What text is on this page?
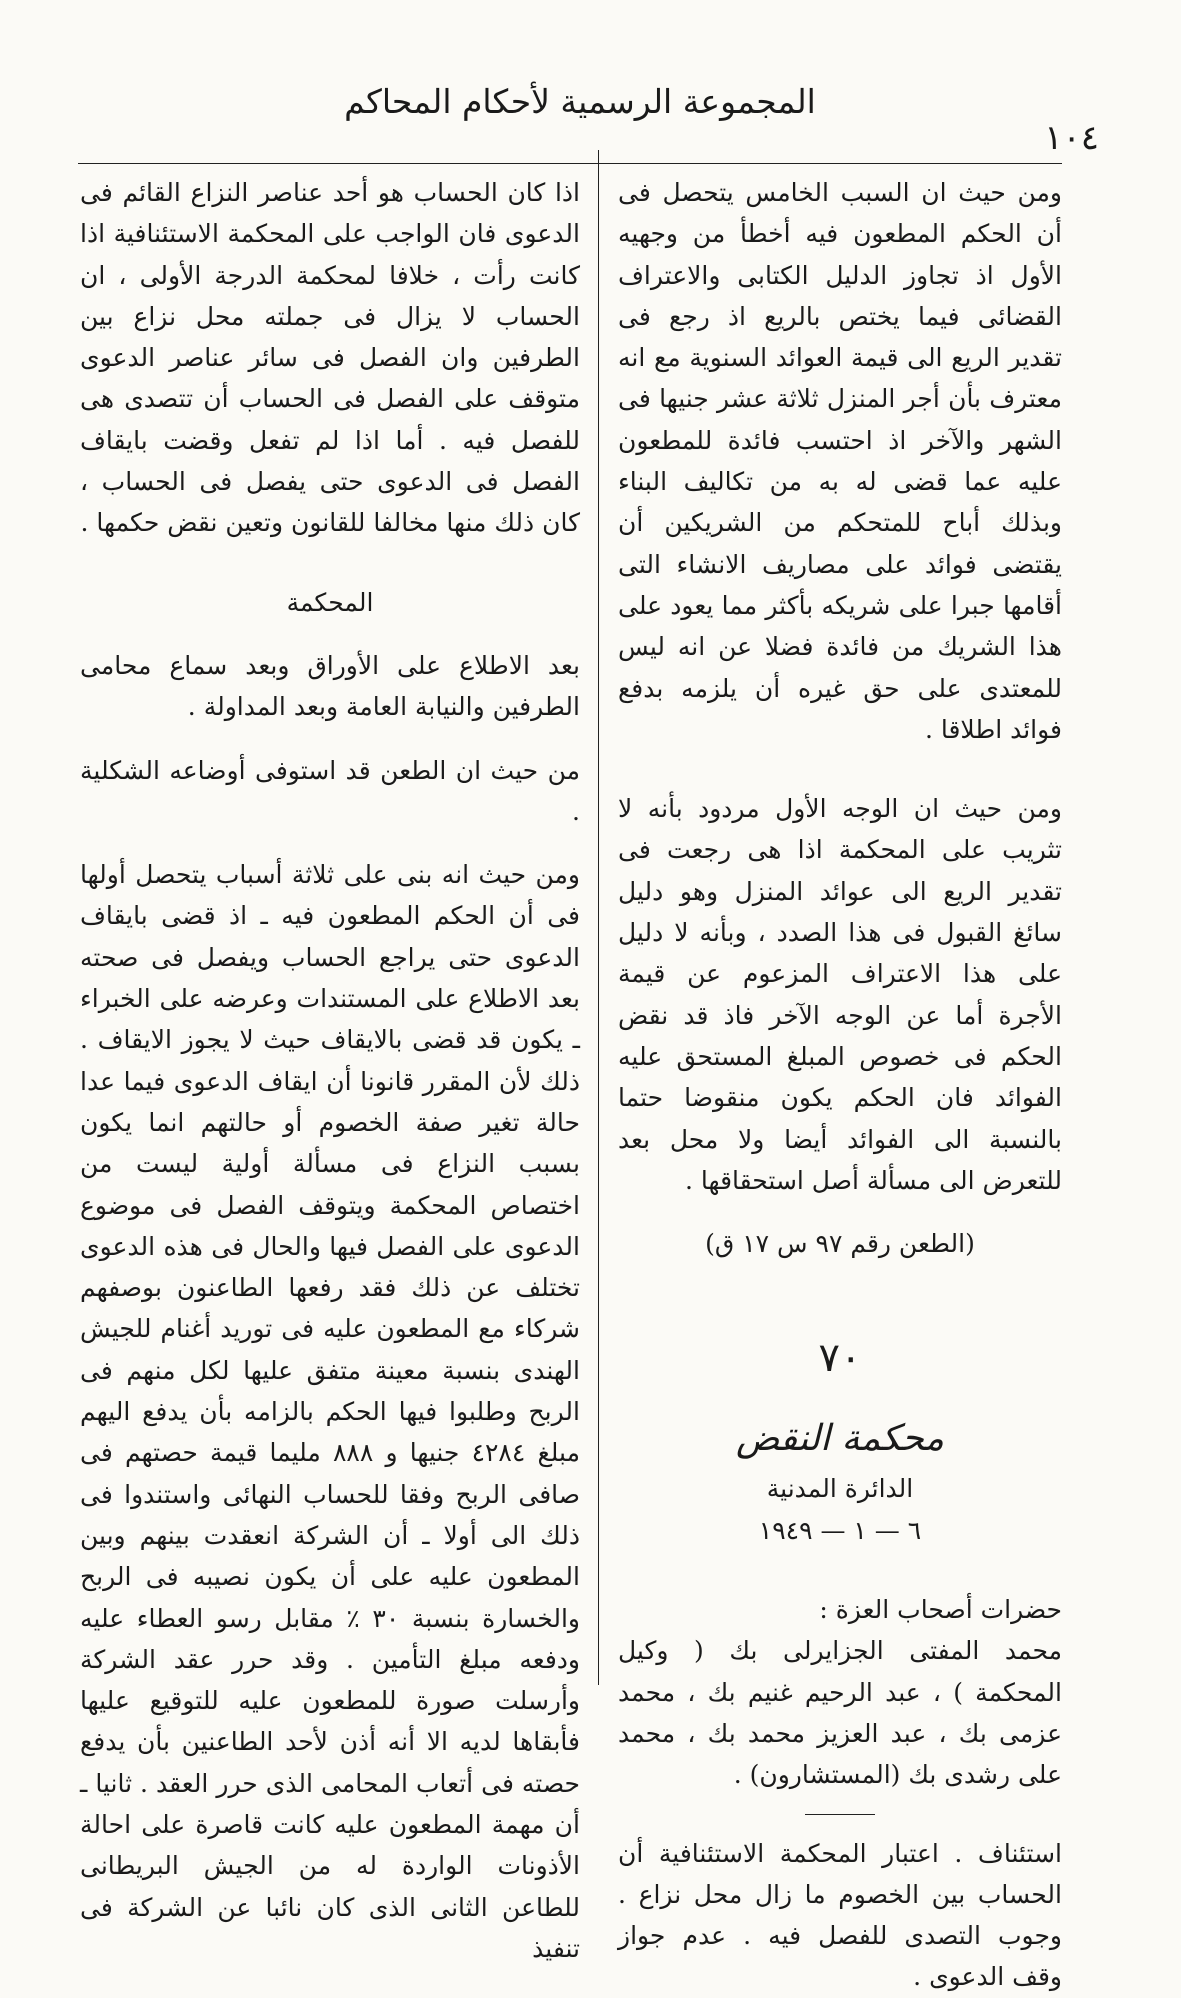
المجموعة الرسمية لأحكام المحاكم
١٠٤

ومن حيث ان السبب الخامس يتحصل فى أن الحكم المطعون فيه أخطأ من وجهيه الأول اذ تجاوز الدليل الكتابى والاعتراف القضائى فيما يختص بالريع اذ رجع فى تقدير الريع الى قيمة العوائد السنوية مع انه معترف بأن أجر المنزل ثلاثة عشر جنيها فى الشهر والآخر اذ احتسب فائدة للمطعون عليه عما قضى له به من تكاليف البناء وبذلك أباح للمتحكم من الشريكين أن يقتضى فوائد على مصاريف الانشاء التى أقامها جبرا على شريكه بأكثر مما يعود على هذا الشريك من فائدة فضلا عن انه ليس للمعتدى على حق غيره أن يلزمه بدفع فوائد اطلاقا .

ومن حيث ان الوجه الأول مردود بأنه لا تثريب على المحكمة اذا هى رجعت فى تقدير الريع الى عوائد المنزل وهو دليل سائغ القبول فى هذا الصدد ، وبأنه لا دليل على هذا الاعتراف المزعوم عن قيمة الأجرة أما عن الوجه الآخر فاذ قد نقض الحكم فى خصوص المبلغ المستحق عليه الفوائد فان الحكم يكون منقوضا حتما بالنسبة الى الفوائد أيضا ولا محل بعد للتعرض الى مسألة أصل استحقاقها .

(الطعن رقم ٩٧ س ١٧ ق)

٧٠

محكمة النقض

الدائرة المدنية

٦ — ١ — ١٩٤٩

حضرات أصحاب العزة :

محمد المفتى الجزايرلى بك ( وكيل المحكمة ) ، عبد الرحيم غنيم بك ، محمد عزمى بك ، عبد العزيز محمد بك ، محمد على رشدى بك (المستشارون) .

استئناف . اعتبار المحكمة الاستئنافية أن الحساب بين الخصوم ما زال محل نزاع . وجوب التصدى للفصل فيه . عدم جواز وقف الدعوى .

اذا كان الحساب هو أحد عناصر النزاع القائم فى الدعوى فان الواجب على المحكمة الاستئنافية اذا كانت رأت ، خلافا لمحكمة الدرجة الأولى ، ان الحساب لا يزال فى جملته محل نزاع بين الطرفين وان الفصل فى سائر عناصر الدعوى متوقف على الفصل فى الحساب أن تتصدى هى للفصل فيه . أما اذا لم تفعل وقضت بايقاف الفصل فى الدعوى حتى يفصل فى الحساب ، كان ذلك منها مخالفا للقانون وتعين نقض حكمها .

المحكمة

بعد الاطلاع على الأوراق وبعد سماع محامى الطرفين والنيابة العامة وبعد المداولة .

من حيث ان الطعن قد استوفى أوضاعه الشكلية .

ومن حيث انه بنى على ثلاثة أسباب يتحصل أولها فى أن الحكم المطعون فيه ـ اذ قضى بايقاف الدعوى حتى يراجع الحساب ويفصل فى صحته بعد الاطلاع على المستندات وعرضه على الخبراء ـ يكون قد قضى بالايقاف حيث لا يجوز الايقاف . ذلك لأن المقرر قانونا أن ايقاف الدعوى فيما عدا حالة تغير صفة الخصوم أو حالتهم انما يكون بسبب النزاع فى مسألة أولية ليست من اختصاص المحكمة ويتوقف الفصل فى موضوع الدعوى على الفصل فيها والحال فى هذه الدعوى تختلف عن ذلك فقد رفعها الطاعنون بوصفهم شركاء مع المطعون عليه فى توريد أغنام للجيش الهندى بنسبة معينة متفق عليها لكل منهم فى الربح وطلبوا فيها الحكم بالزامه بأن يدفع اليهم مبلغ ٤٢٨٤ جنيها و ٨٨٨ مليما قيمة حصتهم فى صافى الربح وفقا للحساب النهائى واستندوا فى ذلك الى أولا ـ أن الشركة انعقدت بينهم وبين المطعون عليه على أن يكون نصيبه فى الربح والخسارة بنسبة ٣٠ ٪ مقابل رسو العطاء عليه ودفعه مبلغ التأمين . وقد حرر عقد الشركة وأرسلت صورة للمطعون عليه للتوقيع عليها فأبقاها لديه الا أنه أذن لأحد الطاعنين بأن يدفع حصته فى أتعاب المحامى الذى حرر العقد . ثانيا ـ أن مهمة المطعون عليه كانت قاصرة على احالة الأذونات الواردة له من الجيش البريطانى للطاعن الثانى الذى كان نائبا عن الشركة فى تنفيذ
